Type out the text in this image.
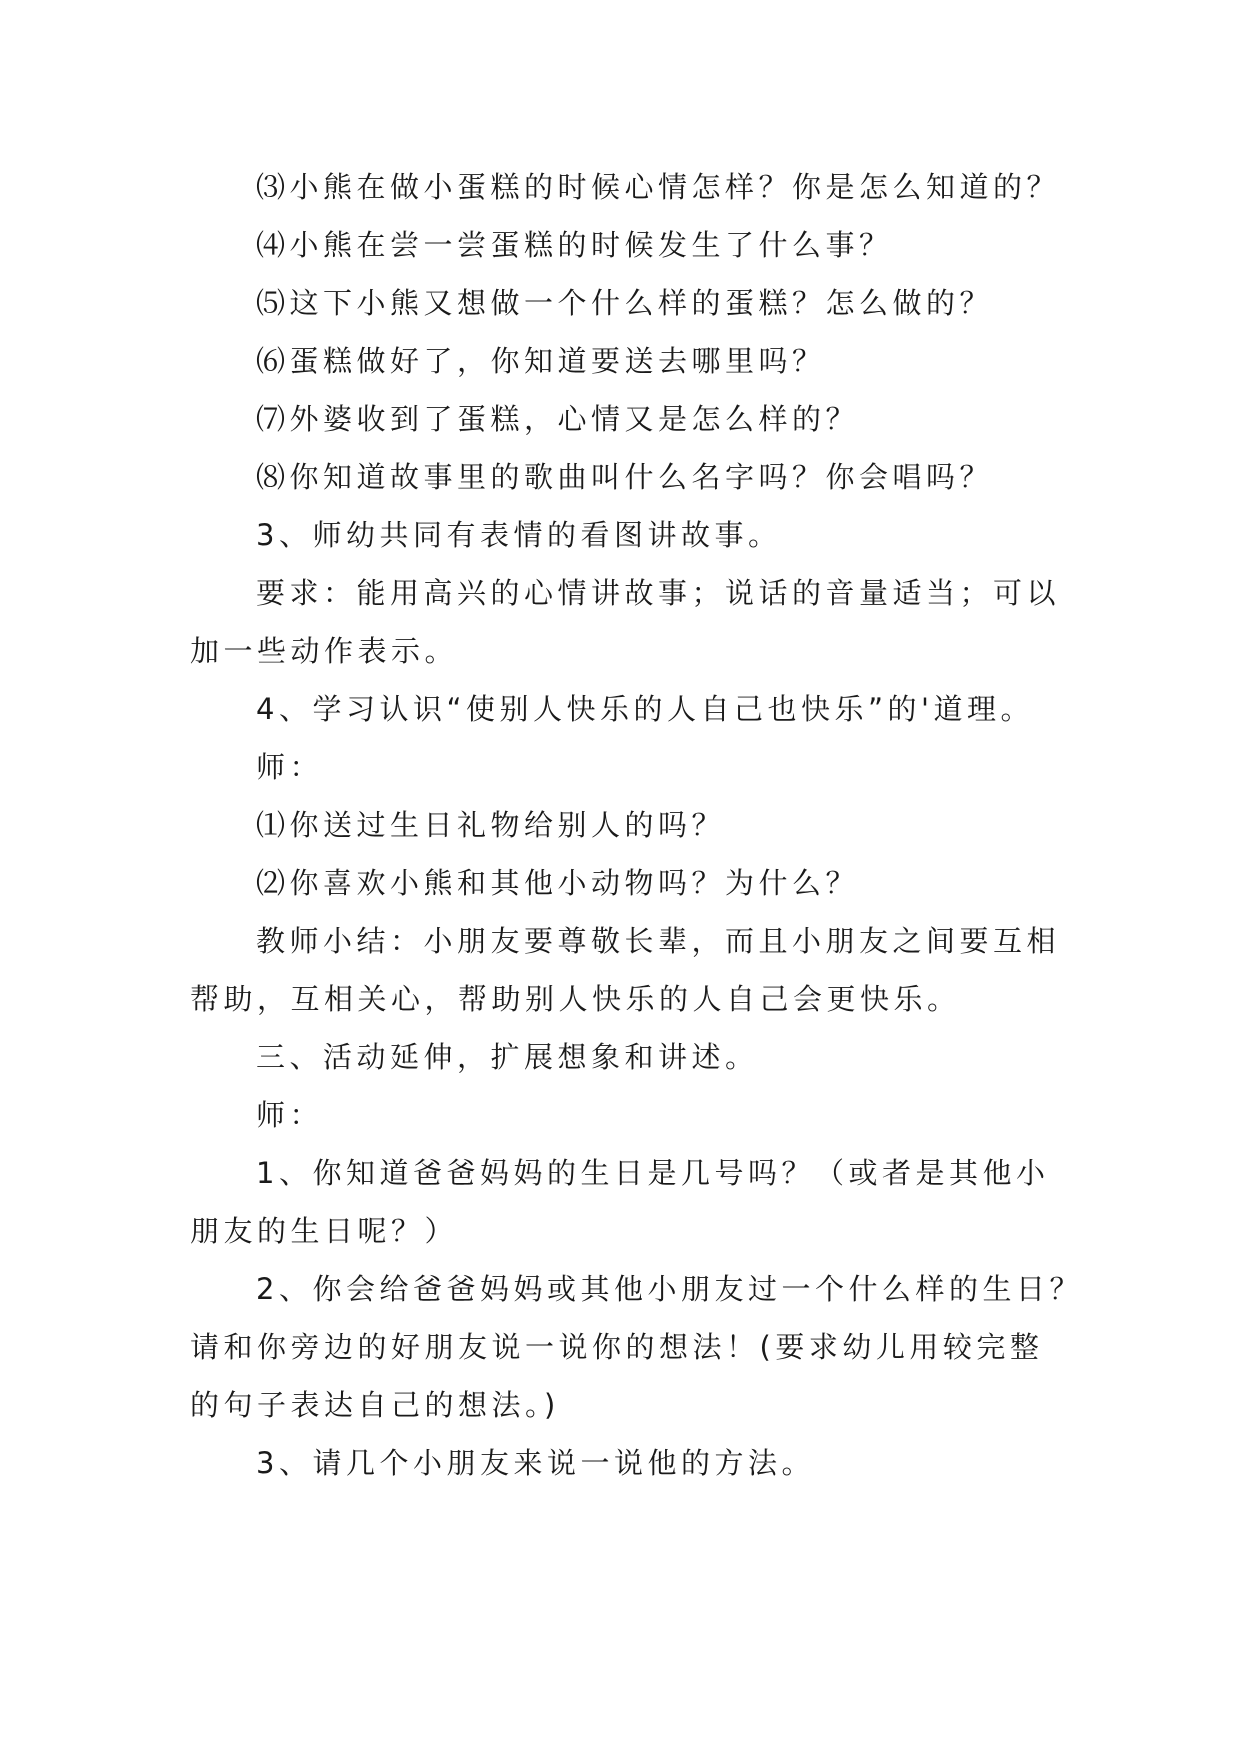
⑶小熊在做小蛋糕的时候心情怎样？你是怎么知道的？

⑷小熊在尝一尝蛋糕的时候发生了什么事？

⑸这下小熊又想做一个什么样的蛋糕？怎么做的？

⑹蛋糕做好了，你知道要送去哪里吗？

⑺外婆收到了蛋糕，心情又是怎么样的？

⑻你知道故事里的歌曲叫什么名字吗？你会唱吗？

3、师幼共同有表情的看图讲故事。

要求：能用高兴的心情讲故事；说话的音量适当；可以

加一些动作表示。

4、学习认识“使别人快乐的人自己也快乐”的'道理。

师：

⑴你送过生日礼物给别人的吗？

⑵你喜欢小熊和其他小动物吗？为什么？

教师小结：小朋友要尊敬长辈，而且小朋友之间要互相

帮助，互相关心，帮助别人快乐的人自己会更快乐。

三、活动延伸，扩展想象和讲述。

师：

1、你知道爸爸妈妈的生日是几号吗？（或者是其他小

朋友的生日呢？）

2、你会给爸爸妈妈或其他小朋友过一个什么样的生日？

请和你旁边的好朋友说一说你的想法！(要求幼儿用较完整

的句子表达自己的想法。)

3、请几个小朋友来说一说他的方法。
